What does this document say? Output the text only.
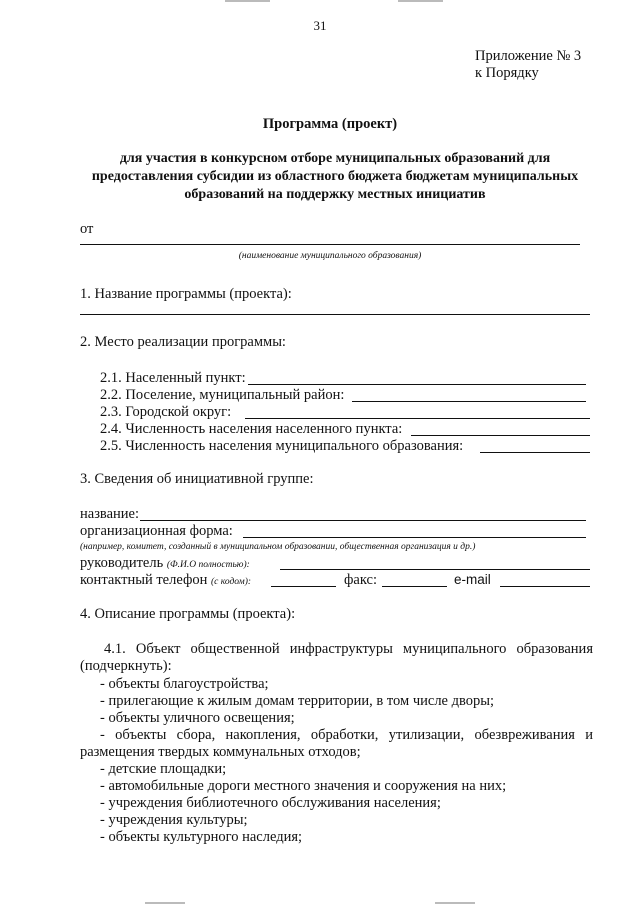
31
Приложение № 3
к Порядку
Программа (проект)
для участия в конкурсном отборе муниципальных образований для предоставления субсидии из областного бюджета бюджетам муниципальных образований на поддержку местных инициатив
от
(наименование муниципального образования)
1. Название программы (проекта):
2. Место реализации программы:
2.1. Населенный пункт:
2.2. Поселение, муниципальный район:
2.3. Городской округ:
2.4. Численность населения населенного пункта:
2.5. Численность населения муниципального образования:
3. Сведения об инициативной группе:
название:
организационная форма:
(например, комитет, созданный в муниципальном образовании, общественная организация и др.)
руководитель (Ф.И.О полностью):
контактный телефон (с кодом):	факс:	e-mail
4. Описание программы (проекта):
4.1. Объект общественной инфраструктуры муниципального образования (подчеркнуть):
- объекты благоустройства;
- прилегающие к жилым домам территории, в том числе дворы;
- объекты уличного освещения;
- объекты сбора, накопления, обработки, утилизации, обезвреживания и размещения твердых коммунальных отходов;
- детские площадки;
- автомобильные дороги местного значения и сооружения на них;
- учреждения библиотечного обслуживания населения;
- учреждения культуры;
- объекты культурного наследия;
